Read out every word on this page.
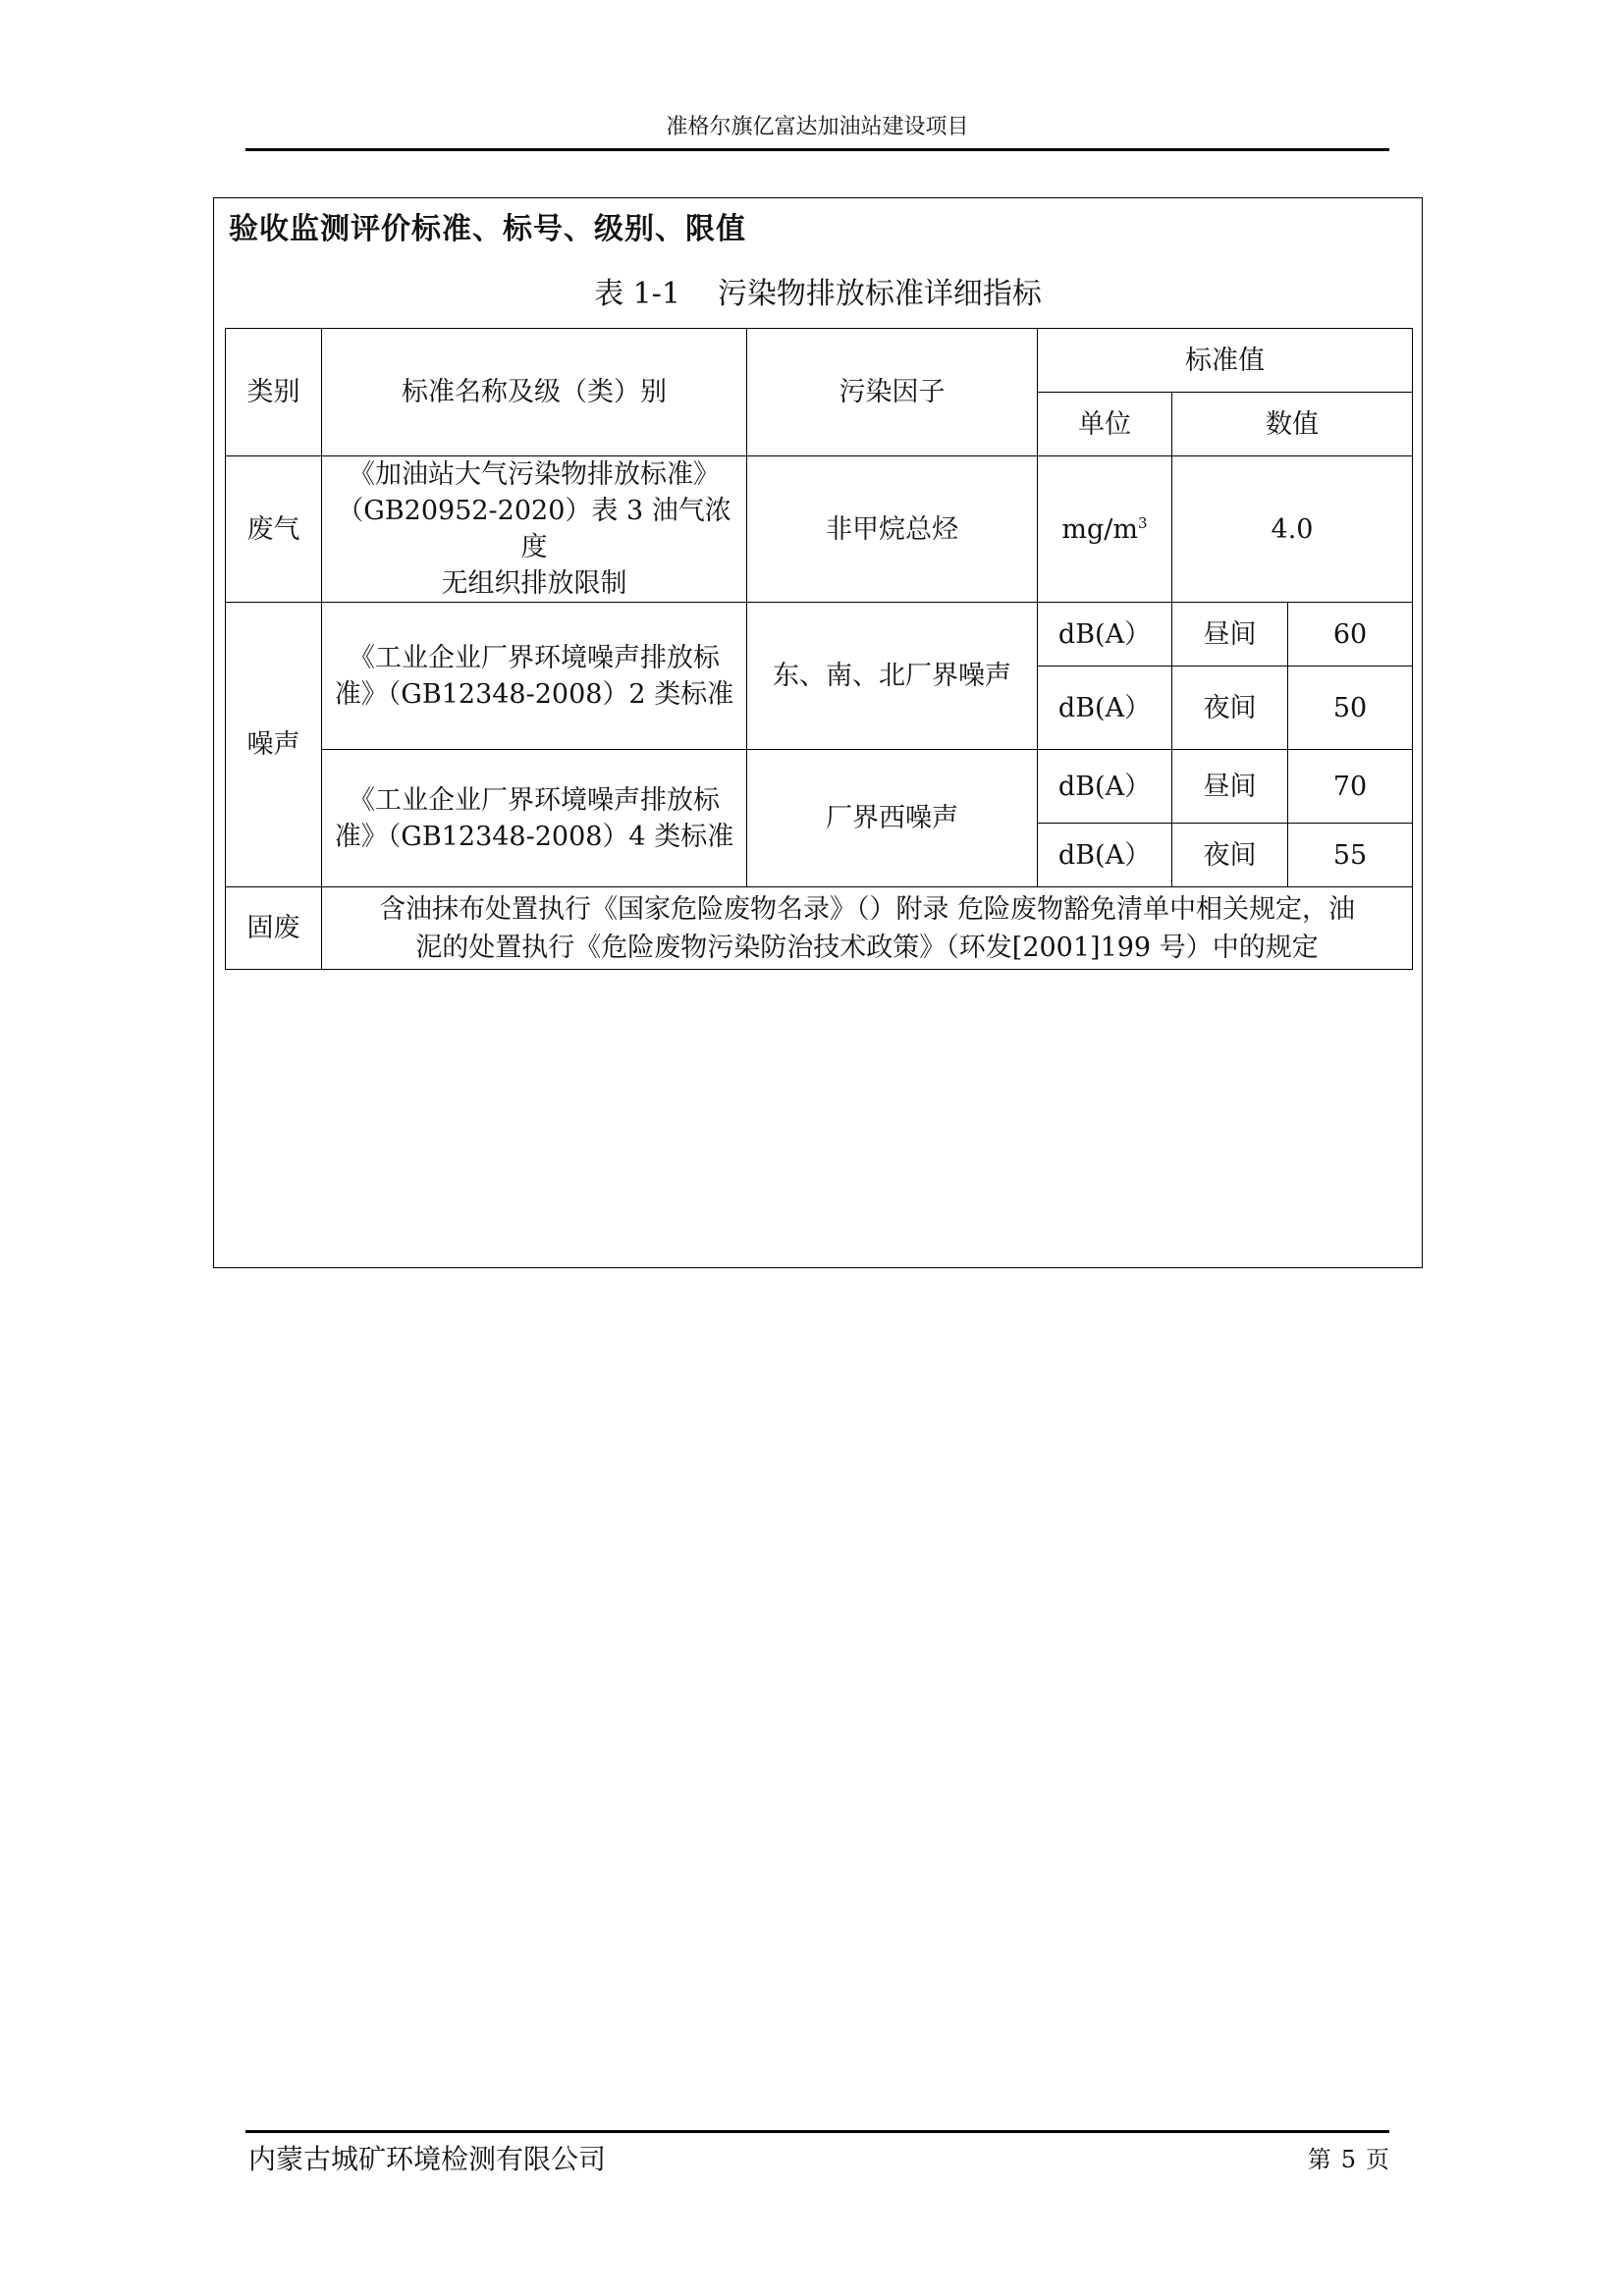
准格尔旗亿富达加油站建设项目
验收监测评价标准、标号、级别、限值
表 1-1 污染物排放标准详细指标
类别	标准名称及级（类）别	污染因子	标准值		
			单位	数值	
废气	《加油站大气污染物排放标准》
（GB20952-2020）表 3 油气浓度
无组织排放限制	非甲烷总烃	$mg/m^3$	4.0	
噪声	《工业企业厂界环境噪声排放标
准》（GB12348-2008）2 类标准	东、南、北厂界噪声	dB(A）	昼间	60
			dB(A）	夜间	50

	《工业企业厂界环境噪声排放标
准》（GB12348-2008）4 类标准	厂界西噪声	dB(A）	昼间	70
			dB(A）	夜间	55
固废	含油抹布处置执行《国家危险废物名录》（）附录 危险废物豁免清单中相关规定，油
泥的处置执行《危险废物污染防治技术政策》（环发[2001]199 号）中的规定				
内蒙古城矿环境检测有限公司	第 5 页
